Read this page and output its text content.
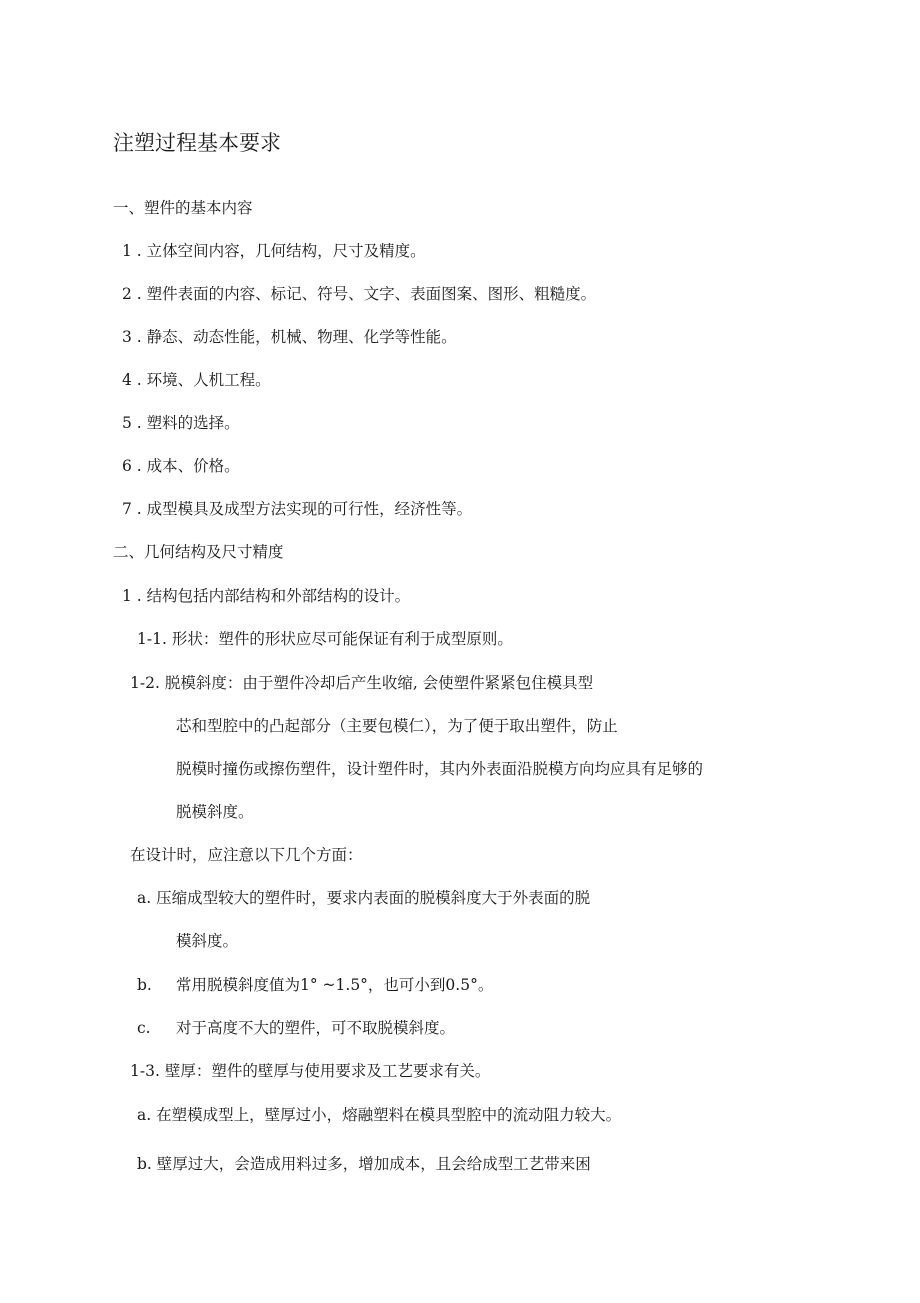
注塑过程基本要求
一、塑件的基本内容
1 . 立体空间内容，几何结构，尺寸及精度。
2 . 塑件表面的内容、标记、符号、文字、表面图案、图形、粗糙度。
3 . 静态、动态性能，机械、物理、化学等性能。
4 . 环境、人机工程。
5 . 塑料的选择。
6 . 成本、价格。
7 . 成型模具及成型方法实现的可行性，经济性等。
二、几何结构及尺寸精度
1 . 结构包括内部结构和外部结构的设计。
1-1. 形状：塑件的形状应尽可能保证有利于成型原则。
1-2. 脱模斜度：由于塑件冷却后产生收缩, 会使塑件紧紧包住模具型
芯和型腔中的凸起部分（主要包模仁），为了便于取出塑件，防止
脱模时撞伤或擦伤塑件，设计塑件时，其内外表面沿脱模方向均应具有足够的
脱模斜度。
在设计时，应注意以下几个方面：
a. 压缩成型较大的塑件时，要求内表面的脱模斜度大于外表面的脱
模斜度。
b. 常用脱模斜度值为1° ~1.5°，也可小到0.5°。
c. 对于高度不大的塑件，可不取脱模斜度。
1-3. 壁厚：塑件的壁厚与使用要求及工艺要求有关。
a. 在塑模成型上，壁厚过小，熔融塑料在模具型腔中的流动阻力较大。
b. 壁厚过大，会造成用料过多，增加成本，且会给成型工艺带来困
